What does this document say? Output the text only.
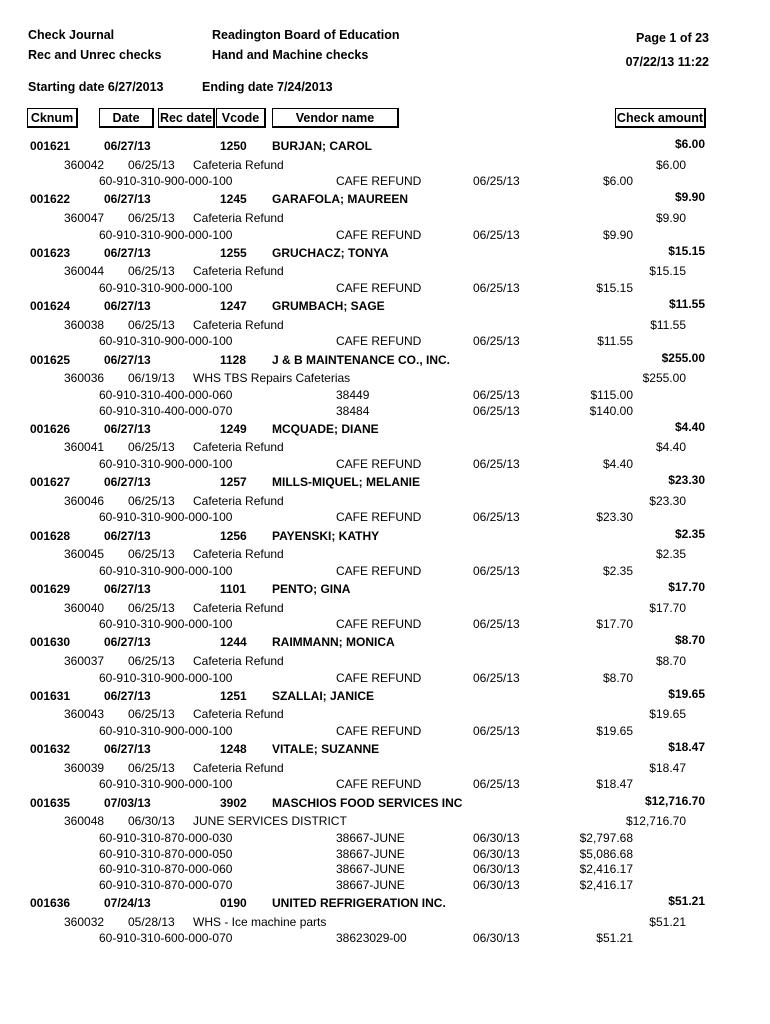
Check Journal
Rec and Unrec checks
Readington Board of Education
Hand and Machine checks
Page 1 of 23
07/22/13 11:22
Starting date 6/27/2013	Ending date 7/24/2013
Cknum	Date	Rec date Vcode	Vendor name	Check amount
001621	06/27/13	1250 BURJAN; CAROL	$6.00
360042 06/25/13 Cafeteria Refund	$6.00
60-910-310-900-000-100	CAFE REFUND	06/25/13	$6.00
001622	06/27/13	1245 GARAFOLA; MAUREEN	$9.90
360047 06/25/13 Cafeteria Refund	$9.90
60-910-310-900-000-100	CAFE REFUND	06/25/13	$9.90
001623	06/27/13	1255 GRUCHACZ; TONYA	$15.15
360044 06/25/13 Cafeteria Refund	$15.15
60-910-310-900-000-100	CAFE REFUND	06/25/13	$15.15
001624	06/27/13	1247 GRUMBACH; SAGE	$11.55
360038 06/25/13 Cafeteria Refund	$11.55
60-910-310-900-000-100	CAFE REFUND	06/25/13	$11.55
001625	06/27/13	1128 J & B MAINTENANCE CO., INC.	$255.00
360036 06/19/13 WHS TBS Repairs Cafeterias	$255.00
60-910-310-400-000-060	38449	06/25/13	$115.00
60-910-310-400-000-070	38484	06/25/13	$140.00
001626	06/27/13	1249 MCQUADE; DIANE	$4.40
360041 06/25/13 Cafeteria Refund	$4.40
60-910-310-900-000-100	CAFE REFUND	06/25/13	$4.40
001627	06/27/13	1257 MILLS-MIQUEL; MELANIE	$23.30
360046 06/25/13 Cafeteria Refund	$23.30
60-910-310-900-000-100	CAFE REFUND	06/25/13	$23.30
001628	06/27/13	1256 PAYENSKI; KATHY	$2.35
360045 06/25/13 Cafeteria Refund	$2.35
60-910-310-900-000-100	CAFE REFUND	06/25/13	$2.35
001629	06/27/13	1101 PENTO; GINA	$17.70
360040 06/25/13 Cafeteria Refund	$17.70
60-910-310-900-000-100	CAFE REFUND	06/25/13	$17.70
001630	06/27/13	1244 RAIMMANN; MONICA	$8.70
360037 06/25/13 Cafeteria Refund	$8.70
60-910-310-900-000-100	CAFE REFUND	06/25/13	$8.70
001631	06/27/13	1251 SZALLAI; JANICE	$19.65
360043 06/25/13 Cafeteria Refund	$19.65
60-910-310-900-000-100	CAFE REFUND	06/25/13	$19.65
001632	06/27/13	1248 VITALE; SUZANNE	$18.47
360039 06/25/13 Cafeteria Refund	$18.47
60-910-310-900-000-100	CAFE REFUND	06/25/13	$18.47
001635	07/03/13	3902 MASCHIOS FOOD SERVICES INC	$12,716.70
360048 06/30/13 JUNE SERVICES DISTRICT	$12,716.70
60-910-310-870-000-030	38667-JUNE	06/30/13	$2,797.68
60-910-310-870-000-050	38667-JUNE	06/30/13	$5,086.68
60-910-310-870-000-060	38667-JUNE	06/30/13	$2,416.17
60-910-310-870-000-070	38667-JUNE	06/30/13	$2,416.17
001636	07/24/13	0190 UNITED REFRIGERATION INC.	$51.21
360032 05/28/13 WHS - Ice machine parts	$51.21
60-910-310-600-000-070	38623029-00	06/30/13	$51.21
